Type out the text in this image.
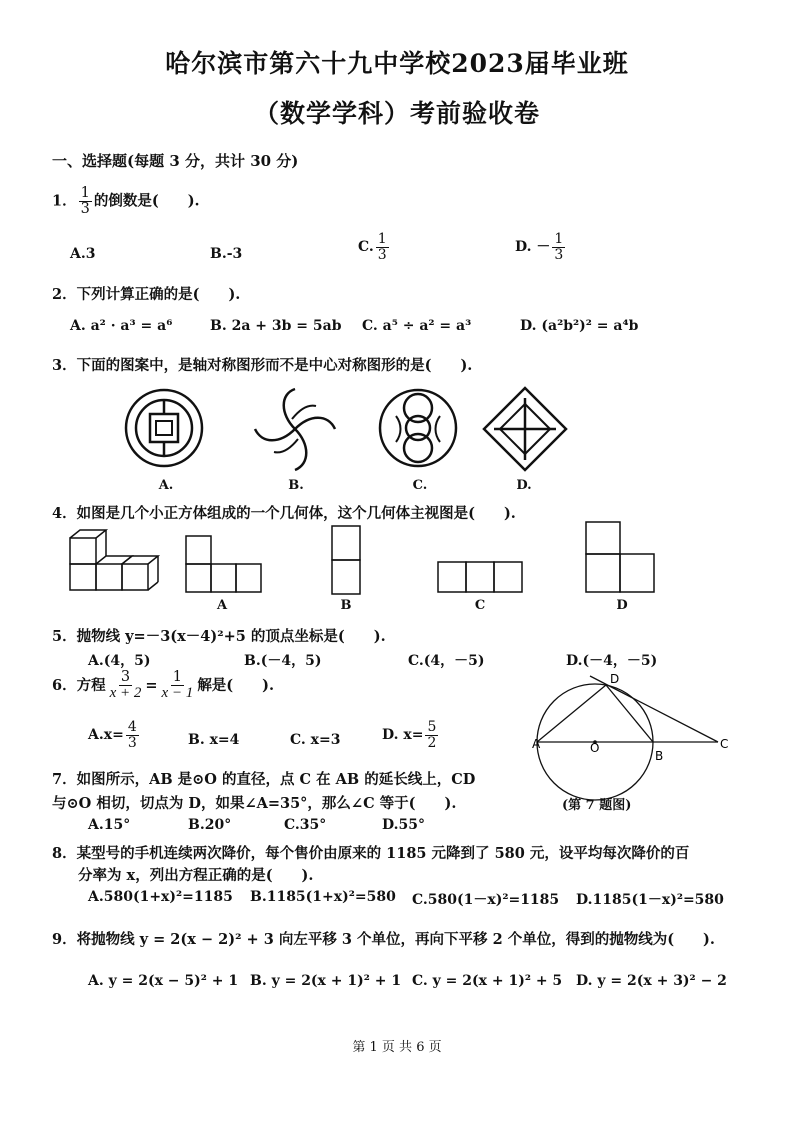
哈尔滨市第六十九中学校2023届毕业班
（数学学科）考前验收卷
一、选择题(每题 3 分，共计 30 分)
1． $\frac{1}{3}$ 的倒数是(　　).
A.3	B.-3	C. $\frac{1}{3}$	D. － $\frac{1}{3}$
2．下列计算正确的是(　　).
A. a² · a³ = a⁶	B. 2a + 3b = 5ab C. a⁵ ÷ a² = a³	D. (a²b²)² = a⁴b
3．下面的图案中，是轴对称图形而不是中心对称图形的是(　　).
A.	B.	C.	D.
4．如图是几个小正方体组成的一个几何体，这个几何体主视图是(　　).
A	B	C	D
5．抛物线 y=－3(x－4)²+5 的顶点坐标是(　　).
A.(4，5)	B.(－4，5)	C.(4，－5)	D.(－4，－5)
6．方程 $\frac{3}{x + 2} = \frac{1}{x - 1}$ 解是(　　).
$A.x= \frac{4}{3}$	B. x=4	C. x=3	D. $x= \frac{5}{2}$	A	O
B
C
D
(第 7 题图)
7．如图所示，AB 是⊙O 的直径，点 C 在 AB 的延长线上，CD
与⊙O 相切，切点为 D，如果∠A=35°，那么∠C 等于(　　).
A.15°	B.20°	C.35°	D.55°
8．某型号的手机连续两次降价，每个售价由原来的 1185 元降到了 580 元，设平均每次降价的百
分率为 x，列出方程正确的是(　　).
A.580(1+x)²=1185 B.1185(1+x)²=580 C.580(1－x)²=1185 D.1185(1－x)²=580
9．将抛物线 y = 2(x − 2)² + 3 向左平移 3 个单位，再向下平移 2 个单位，得到的抛物线为(　　).
A. y = 2(x − 5)² + 1 B. y = 2(x + 1)² + 1 C. y = 2(x + 1)² + 5 D. y = 2(x + 3)² − 2
第 1 页 共 6 页
